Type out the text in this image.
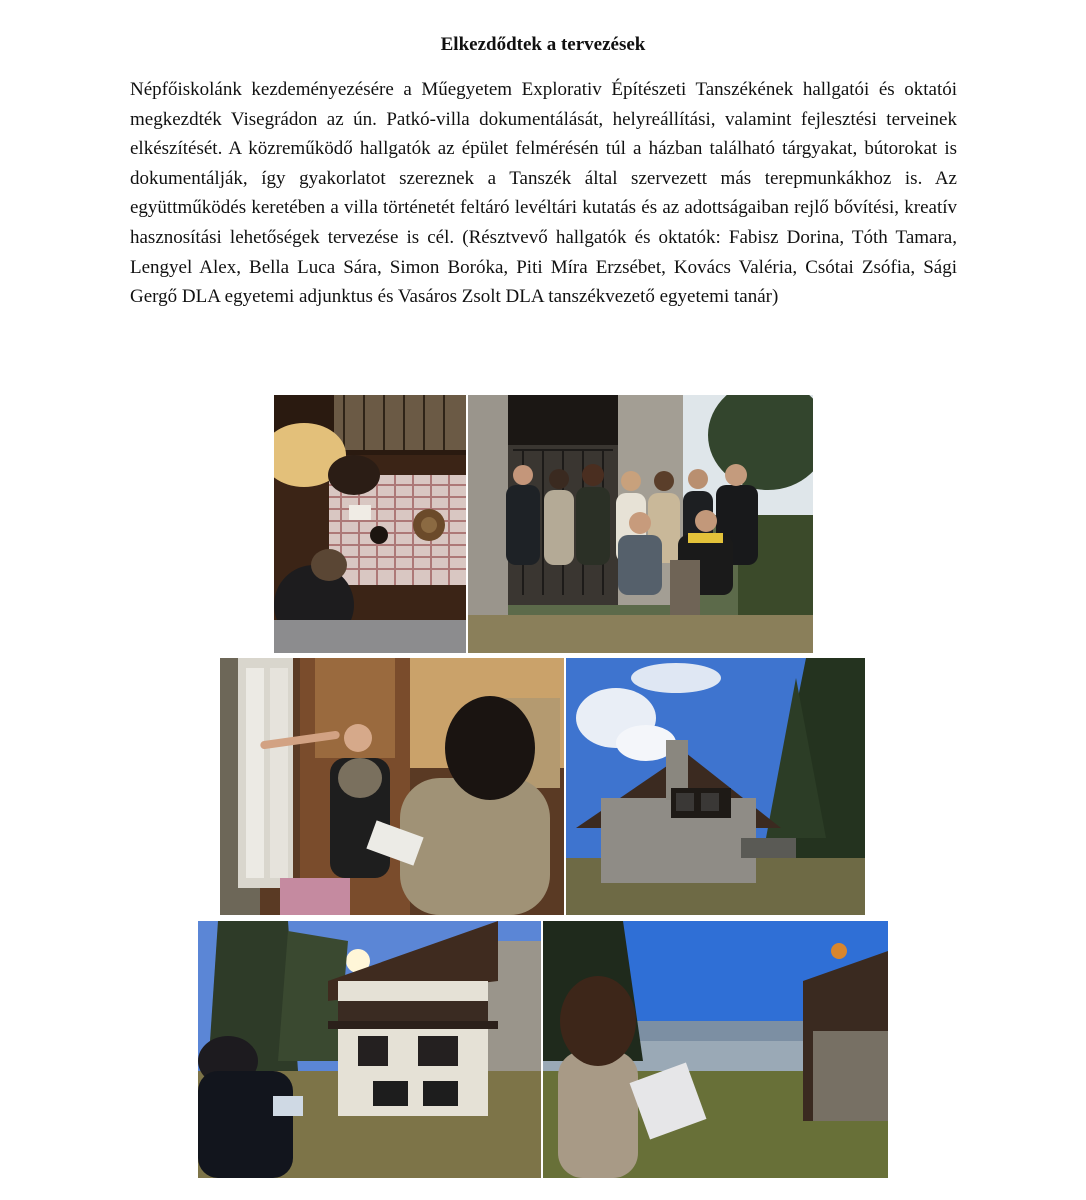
Elkezdődtek a tervezések

Népfőiskolánk kezdeményezésére a Műegyetem Explorativ Építészeti Tanszékének hallgatói és oktatói megkezdték Visegrádon az ún. Patkó-villa dokumentálását, helyreállítási, valamint fejlesztési terveinek elkészítését. A közreműködő hallgatók az épület felmérésén túl a házban található tárgyakat, bútorokat is dokumentálják, így gyakorlatot szereznek a Tanszék által szervezett más terepmunkákhoz is. Az együttműködés keretében a villa történetét feltáró levéltári kutatás és az adottságaiban rejlő bővítési, kreatív hasznosítási lehetőségek tervezése is cél. (Résztvevő hallgatók és oktatók: Fabisz Dorina, Tóth Tamara, Lengyel Alex, Bella Luca Sára, Simon Boróka, Piti Míra Erzsébet, Kovács Valéria, Csótai Zsófia, Sági Gergő DLA egyetemi adjunktus és Vasáros Zsolt DLA tanszékvezető egyetemi tanár)
